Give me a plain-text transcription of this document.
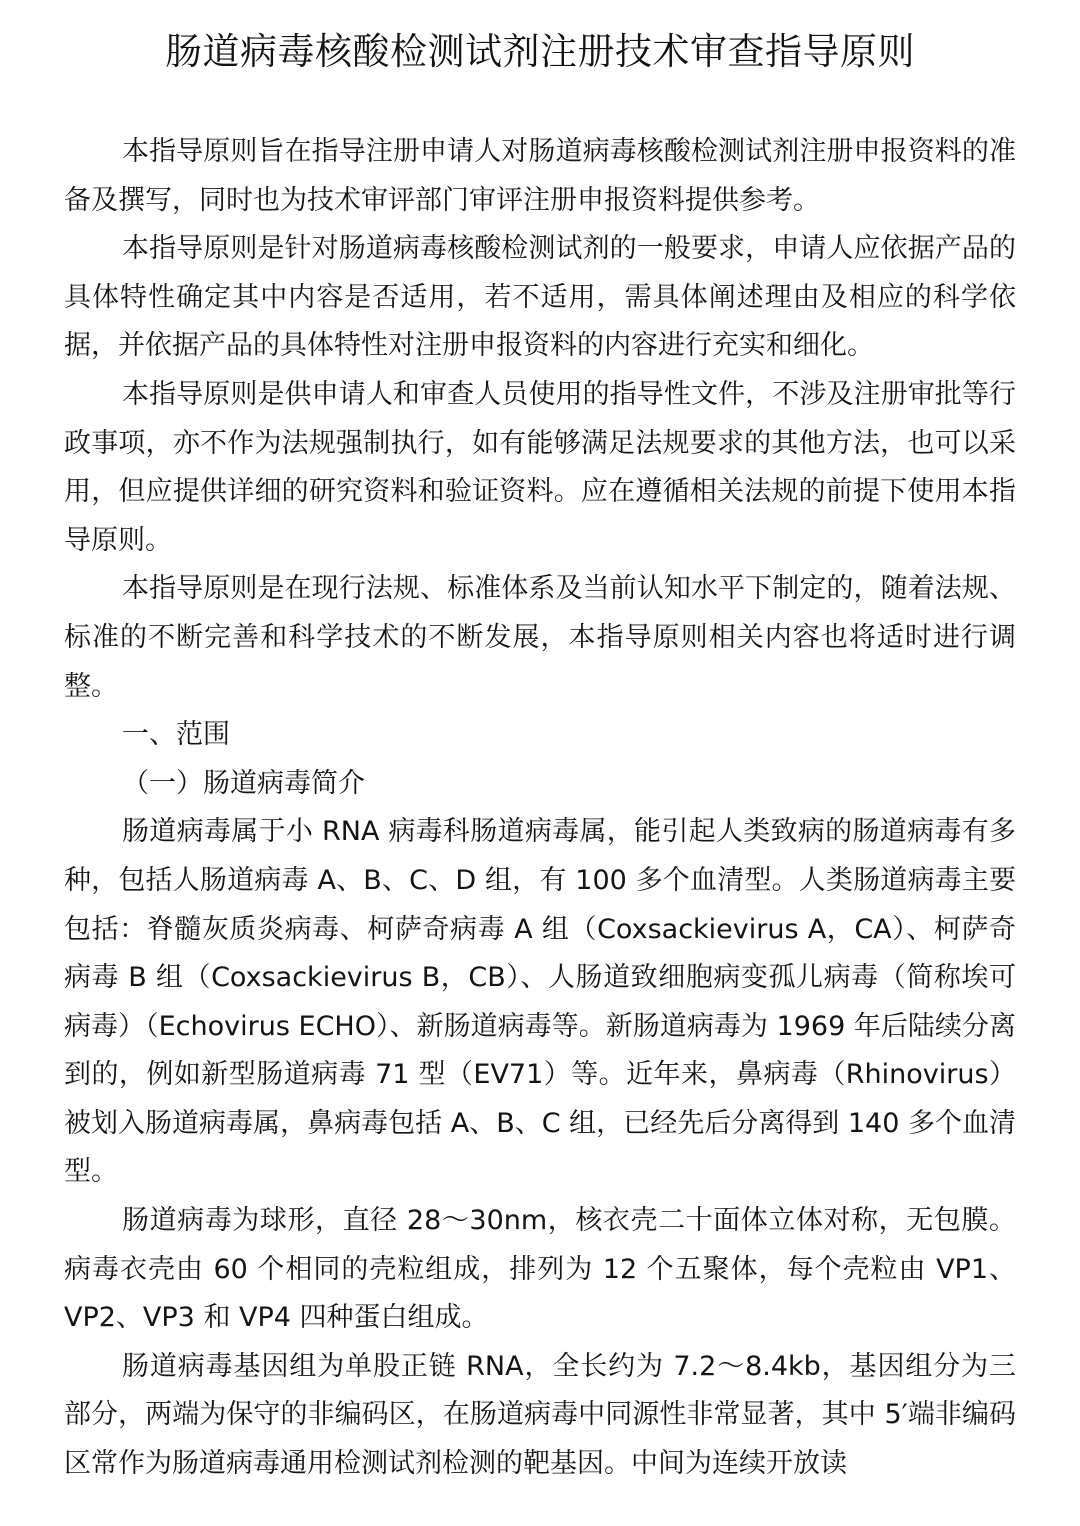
肠道病毒核酸检测试剂注册技术审查指导原则

本指导原则旨在指导注册申请人对肠道病毒核酸检测试剂注册申报资料的准备及撰写，同时也为技术审评部门审评注册申报资料提供参考。

本指导原则是针对肠道病毒核酸检测试剂的一般要求，申请人应依据产品的具体特性确定其中内容是否适用，若不适用，需具体阐述理由及相应的科学依据，并依据产品的具体特性对注册申报资料的内容进行充实和细化。

本指导原则是供申请人和审查人员使用的指导性文件，不涉及注册审批等行政事项，亦不作为法规强制执行，如有能够满足法规要求的其他方法，也可以采用，但应提供详细的研究资料和验证资料。应在遵循相关法规的前提下使用本指导原则。

本指导原则是在现行法规、标准体系及当前认知水平下制定的，随着法规、标准的不断完善和科学技术的不断发展，本指导原则相关内容也将适时进行调整。

一、范围

（一）肠道病毒简介

肠道病毒属于小 RNA 病毒科肠道病毒属，能引起人类致病的肠道病毒有多种，包括人肠道病毒 A、B、C、D 组，有 100 多个血清型。人类肠道病毒主要包括：脊髓灰质炎病毒、柯萨奇病毒 A 组（Coxsackievirus A，CA）、柯萨奇病毒 B 组（Coxsackievirus B，CB）、人肠道致细胞病变孤儿病毒（简称埃可病毒）（Echovirus ECHO）、新肠道病毒等。新肠道病毒为 1969 年后陆续分离到的，例如新型肠道病毒 71 型（EV71）等。近年来，鼻病毒（Rhinovirus）被划入肠道病毒属，鼻病毒包括 A、B、C 组，已经先后分离得到 140 多个血清型。

肠道病毒为球形，直径 28～30nm，核衣壳二十面体立体对称，无包膜。病毒衣壳由 60 个相同的壳粒组成，排列为 12 个五聚体，每个壳粒由 VP1、VP2、VP3 和 VP4 四种蛋白组成。

肠道病毒基因组为单股正链 RNA，全长约为 7.2～8.4kb，基因组分为三部分，两端为保守的非编码区，在肠道病毒中同源性非常显著，其中 5′端非编码区常作为肠道病毒通用检测试剂检测的靶基因。中间为连续开放读
